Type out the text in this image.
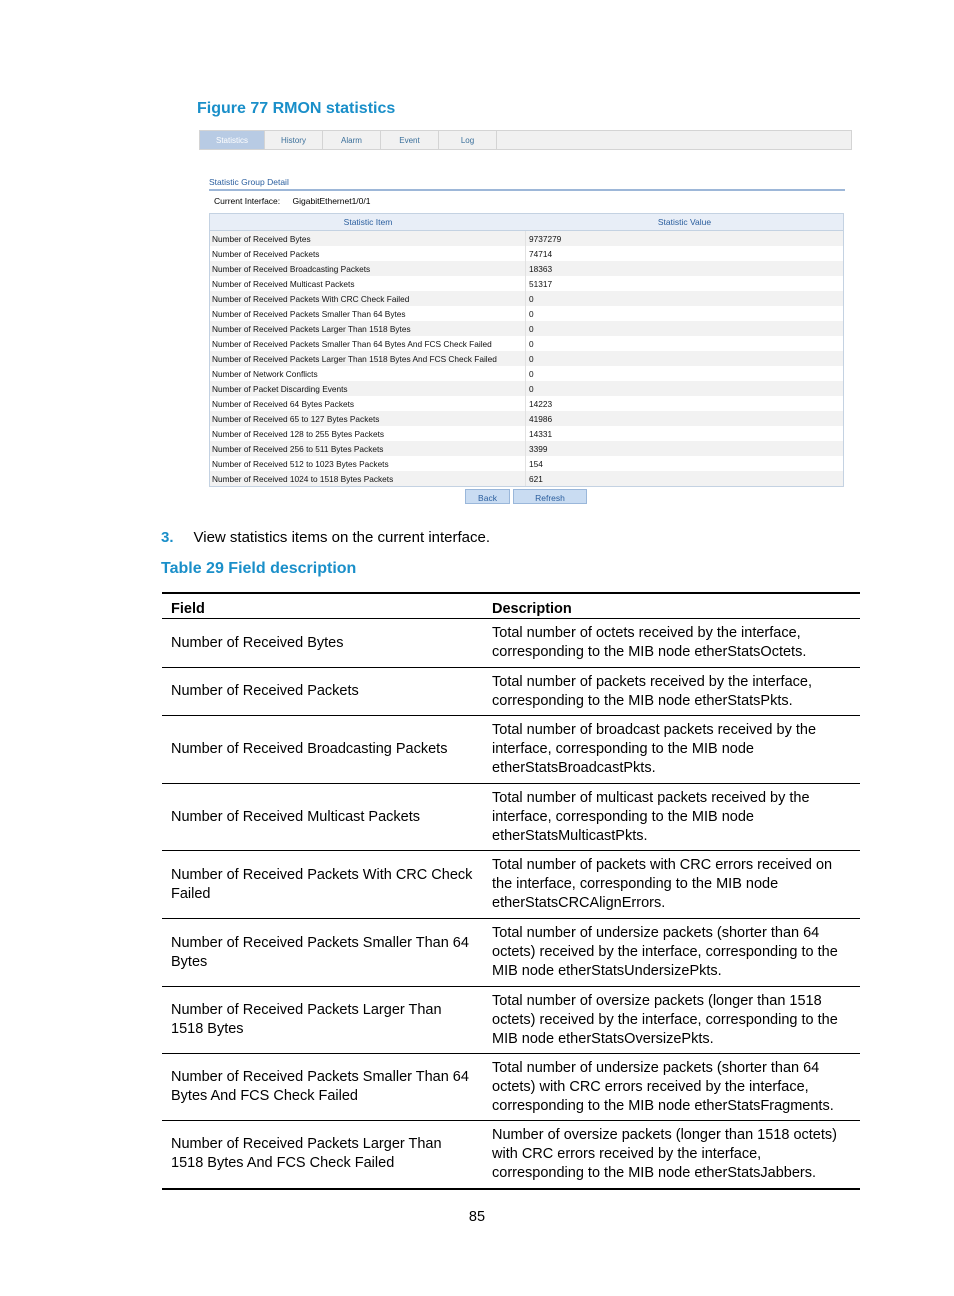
Figure 77 RMON statistics
Statistics	History	Alarm	Event	Log
Statistic Group Detail
Current Interface: GigabitEthernet1/0/1
Statistic Item	Statistic Value
Number of Received Bytes	9737279
Number of Received Packets	74714
Number of Received Broadcasting Packets	18363
Number of Received Multicast Packets	51317
Number of Received Packets With CRC Check Failed	0
Number of Received Packets Smaller Than 64 Bytes	0
Number of Received Packets Larger Than 1518 Bytes	0
Number of Received Packets Smaller Than 64 Bytes And FCS Check Failed	0
Number of Received Packets Larger Than 1518 Bytes And FCS Check Failed	0
Number of Network Conflicts	0
Number of Packet Discarding Events	0
Number of Received 64 Bytes Packets	14223
Number of Received 65 to 127 Bytes Packets	41986
Number of Received 128 to 255 Bytes Packets	14331
Number of Received 256 to 511 Bytes Packets	3399
Number of Received 512 to 1023 Bytes Packets	154
Number of Received 1024 to 1518 Bytes Packets	621
Back	Refresh
3. View statistics items on the current interface.
Table 29 Field description
Field	Description
Number of Received Bytes	Total number of octets received by the interface, corresponding to the MIB node etherStatsOctets.
Number of Received Packets	Total number of packets received by the interface, corresponding to the MIB node etherStatsPkts.
Number of Received Broadcasting Packets	Total number of broadcast packets received by the interface, corresponding to the MIB node etherStatsBroadcastPkts.
Number of Received Multicast Packets	Total number of multicast packets received by the interface, corresponding to the MIB node etherStatsMulticastPkts.
Number of Received Packets With CRC Check Failed	Total number of packets with CRC errors received on the interface, corresponding to the MIB node etherStatsCRCAlignErrors.
Number of Received Packets Smaller Than 64 Bytes	Total number of undersize packets (shorter than 64 octets) received by the interface, corresponding to the MIB node etherStatsUndersizePkts.
Number of Received Packets Larger Than 1518 Bytes	Total number of oversize packets (longer than 1518 octets) received by the interface, corresponding to the MIB node etherStatsOversizePkts.
Number of Received Packets Smaller Than 64 Bytes And FCS Check Failed	Total number of undersize packets (shorter than 64 octets) with CRC errors received by the interface, corresponding to the MIB node etherStatsFragments.
Number of Received Packets Larger Than 1518 Bytes And FCS Check Failed	Number of oversize packets (longer than 1518 octets) with CRC errors received by the interface, corresponding to the MIB node etherStatsJabbers.
85
